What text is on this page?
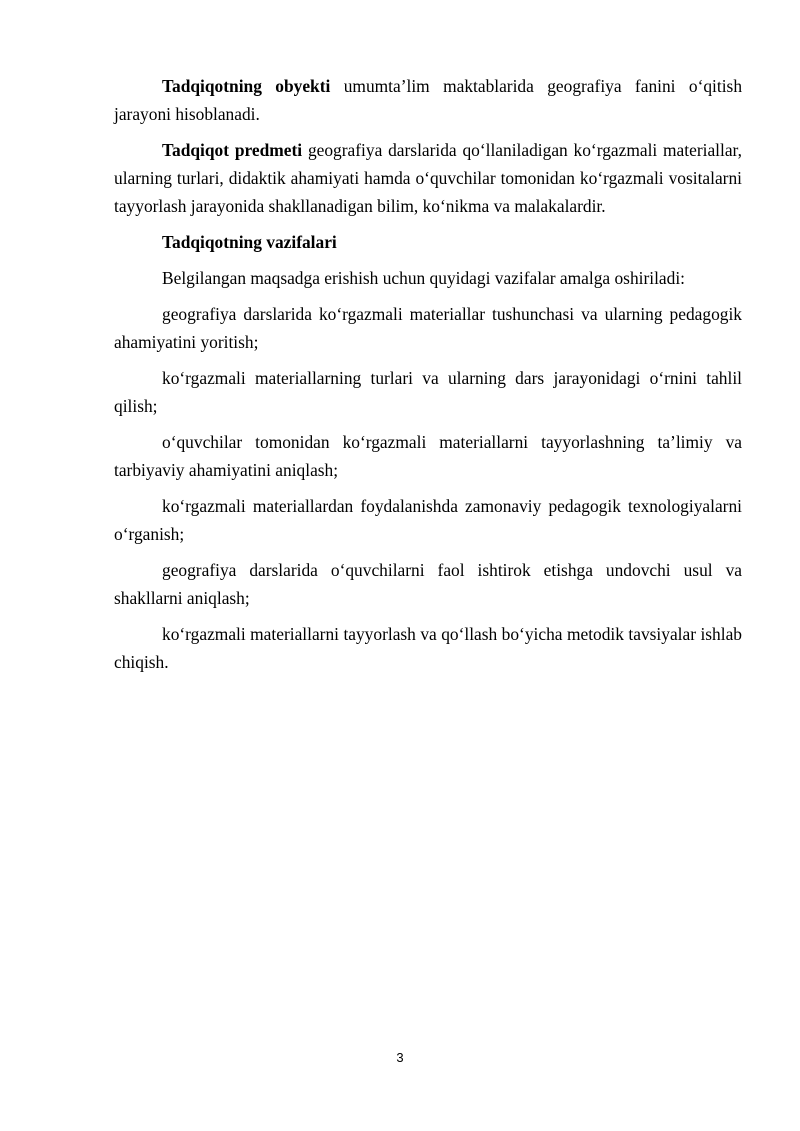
Tadqiqotning obyekti umumta’lim maktablarida geografiya fanini o‘qitish jarayoni hisoblanadi.

Tadqiqot predmeti geografiya darslarida qo‘llaniladigan ko‘rgazmali materiallar, ularning turlari, didaktik ahamiyati hamda o‘quvchilar tomonidan ko‘rgazmali vositalarni tayyorlash jarayonida shakllanadigan bilim, ko‘nikma va malakalardir.

Tadqiqotning vazifalari

Belgilangan maqsadga erishish uchun quyidagi vazifalar amalga oshiriladi:

geografiya darslarida ko‘rgazmali materiallar tushunchasi va ularning pedagogik ahamiyatini yoritish;

ko‘rgazmali materiallarning turlari va ularning dars jarayonidagi o‘rnini tahlil qilish;

o‘quvchilar tomonidan ko‘rgazmali materiallarni tayyorlashning ta’limiy va tarbiyaviy ahamiyatini aniqlash;

ko‘rgazmali materiallardan foydalanishda zamonaviy pedagogik texnologiyalarni o‘rganish;

geografiya darslarida o‘quvchilarni faol ishtirok etishga undovchi usul va shakllarni aniqlash;

ko‘rgazmali materiallarni tayyorlash va qo‘llash bo‘yicha metodik tavsiyalar ishlab chiqish.

3
